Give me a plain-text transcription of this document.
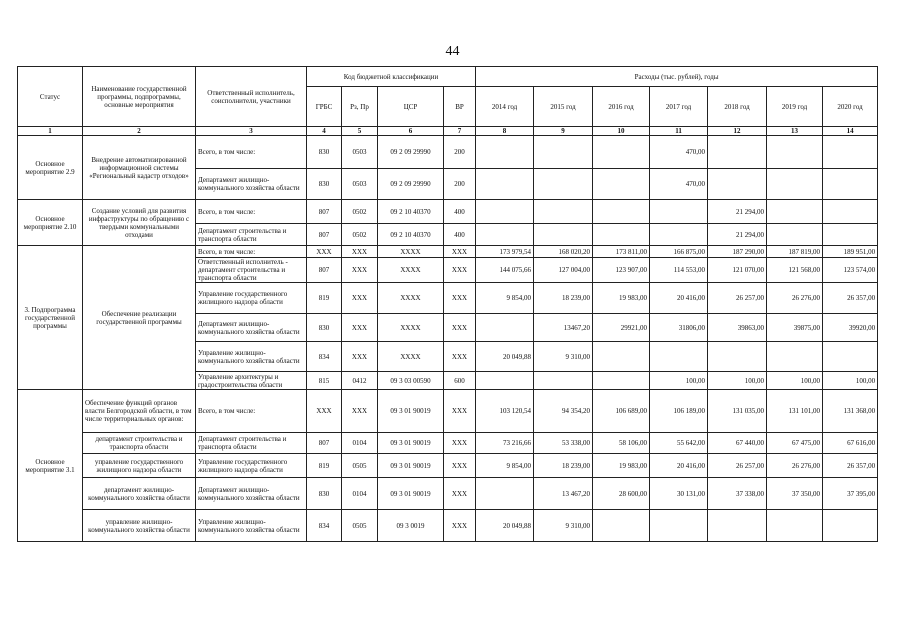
44
Статус	Наименование государственной программы, подпрограммы, основные мероприятия	Ответственный исполнитель, соисполнители, участники	Код бюджетной классификации				Расходы (тыс. рублей), годы						
			ГРБС	Рз, Пр	ЦСР	ВР	2014 год	2015 год	2016 год	2017 год	2018 год	2019 год	2020 год
1	2	3	4	5	6	7	8	9	10	11	12	13	14
Основное мероприятие 2.9	Внедрение автоматизированной информационной системы «Региональный кадастр отходов»	Всего, в том числе:	830	0503	09 2 09 29990	200				470,00			
		Департамент жилищно-коммунального хозяйства области	830	0503	09 2 09 29990	200				470,00			
Основное мероприятие 2.10	Создание условий для развития инфраструктуры по обращению с твердыми коммунальными отходами	Всего, в том числе:	807	0502	09 2 10 40370	400					21 294,00		
		Департамент строительства и транспорта области	807	0502	09 2 10 40370	400					21 294,00		
3. Подпрограмма государственной программы	Обеспечение реализации государственной программы	Всего, в том числе:	ХХХ	ХХХ	ХХХХ	ХХХ	173 979,54	168 020,20	173 811,00	166 875,00	187 290,00	187 819,00	189 951,00
		Ответственный исполнитель - департамент строительства и транспорта области	807	ХХХ	ХХХХ	ХХХ	144 075,66	127 004,00	123 907,00	114 553,00	121 070,00	121 568,00	123 574,00
		Управление государственного жилищного надзора области	819	ХХХ	ХХХХ	ХХХ	9 854,00	18 239,00	19 983,00	20 416,00	26 257,00	26 276,00	26 357,00
		Департамент жилищно-коммунального хозяйства области	830	ХХХ	ХХХХ	ХХХ		13467,20	29921,00	31806,00	39863,00	39875,00	39920,00
		Управление жилищно-коммунального хозяйства области	834	ХХХ	ХХХХ	ХХХ	20 049,88	9 310,00					
		Управление архитектуры и градостроительства области	815	0412	09 3 03 00590	600				100,00	100,00	100,00	100,00
Основное мероприятие 3.1	Обеспечение функций органов власти Белгородской области, в том числе территориальных органов:	Всего, в том числе:	ХХХ	ХХХ	09 3 01 90019	ХХХ	103 120,54	94 354,20	106 689,00	106 189,00	131 035,00	131 101,00	131 368,00
	департамент строительства и транспорта области	Департамент строительства и транспорта области	807	0104	09 3 01 90019	ХХХ	73 216,66	53 338,00	58 106,00	55 642,00	67 440,00	67 475,00	67 616,00
	управление государственного жилищного надзора области	Управление государственного жилищного надзора области	819	0505	09 3 01 90019	ХХХ	9 854,00	18 239,00	19 983,00	20 416,00	26 257,00	26 276,00	26 357,00
	департамент жилищно-коммунального хозяйства области	Департамент жилищно-коммунального хозяйства области	830	0104	09 3 01 90019	ХХХ		13 467,20	28 600,00	30 131,00	37 338,00	37 350,00	37 395,00
	управление жилищно-коммунального хозяйства области	Управление жилищно-коммунального хозяйства области	834	0505	09 3 0019	ХХХ	20 049,88	9 310,00					
